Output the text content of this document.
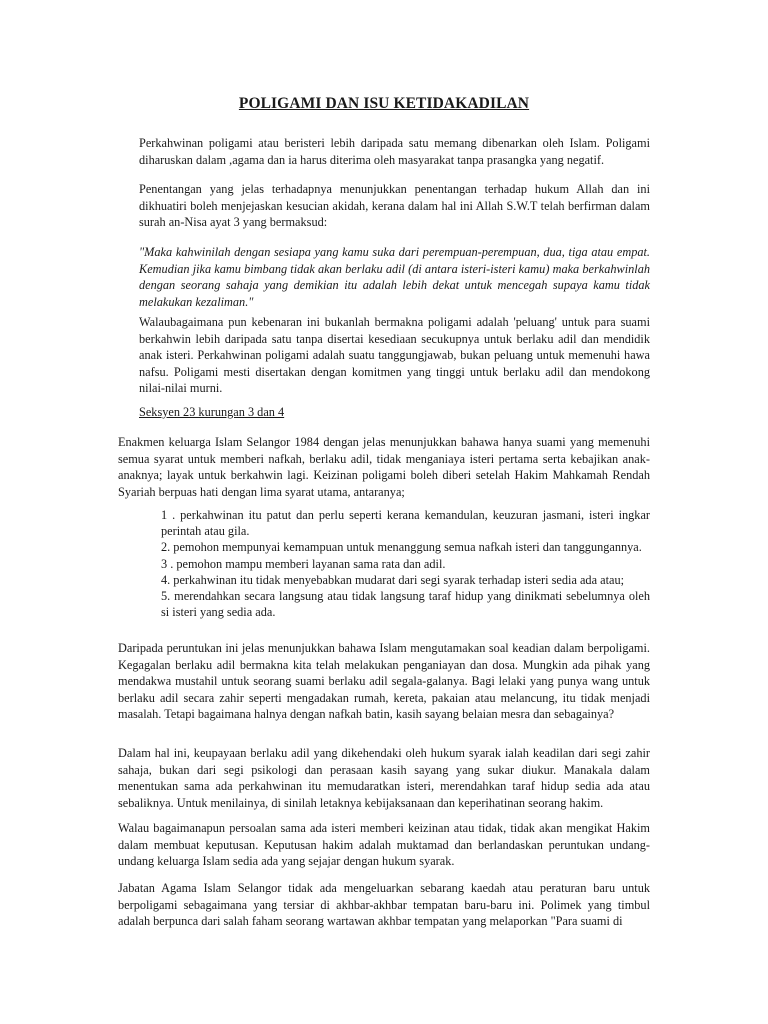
POLIGAMI DAN ISU KETIDAKADILAN
Perkahwinan poligami atau beristeri lebih daripada satu memang dibenarkan oleh Islam. Poligami diharuskan dalam ,agama dan ia harus diterima oleh masyarakat tanpa prasangka yang negatif.
Penentangan yang jelas terhadapnya menunjukkan penentangan terhadap hukum Allah dan ini dikhuatiri boleh menjejaskan kesucian akidah, kerana dalam hal ini Allah S.W.T telah berfirman dalam surah an-Nisa ayat 3 yang bermaksud:
"Maka kahwinilah dengan sesiapa yang kamu suka dari perempuan-perempuan, dua, tiga atau empat. Kemudian jika kamu bimbang tidak akan berlaku adil (di antara isteri-isteri kamu) maka berkahwinlah dengan seorang sahaja yang demikian itu adalah lebih dekat untuk mencegah supaya kamu tidak melakukan kezaliman."
Walaubagaimana pun kebenaran ini bukanlah bermakna poligami adalah 'peluang' untuk para suami berkahwin lebih daripada satu tanpa disertai kesediaan secukupnya untuk berlaku adil dan mendidik anak isteri. Perkahwinan poligami adalah suatu tanggungjawab, bukan peluang untuk memenuhi hawa nafsu. Poligami mesti disertakan dengan komitmen yang tinggi untuk berlaku adil dan mendokong nilai-nilai murni.
Seksyen 23 kurungan 3 dan 4
Enakmen keluarga Islam Selangor 1984 dengan jelas menunjukkan bahawa hanya suami yang memenuhi semua syarat untuk memberi nafkah, berlaku adil, tidak menganiaya isteri pertama serta kebajikan anak-anaknya; layak untuk berkahwin lagi. Keizinan poligami boleh diberi setelah Hakim Mahkamah Rendah Syariah berpuas hati dengan lima syarat utama, antaranya;
1 . perkahwinan itu patut dan perlu seperti kerana kemandulan, keuzuran jasmani, isteri ingkar perintah atau gila.
2. pemohon mempunyai kemampuan untuk menanggung semua nafkah isteri dan tanggungannya.
3 . pemohon mampu memberi layanan sama rata dan adil.
4. perkahwinan itu tidak menyebabkan mudarat dari segi syarak terhadap isteri sedia ada atau;
5. merendahkan secara langsung atau tidak langsung taraf hidup yang dinikmati sebelumnya oleh si isteri yang sedia ada.
Daripada peruntukan ini jelas menunjukkan bahawa Islam mengutamakan soal keadian dalam berpoligami. Kegagalan berlaku adil bermakna kita telah melakukan penganiayan dan dosa. Mungkin ada pihak yang mendakwa mustahil untuk seorang suami berlaku adil segala-galanya. Bagi lelaki yang punya wang untuk berlaku adil secara zahir seperti mengadakan rumah, kereta, pakaian atau melancung, itu tidak menjadi masalah. Tetapi bagaimana halnya dengan nafkah batin, kasih sayang belaian mesra dan sebagainya?
Dalam hal ini, keupayaan berlaku adil yang dikehendaki oleh hukum syarak ialah keadilan dari segi zahir sahaja, bukan dari segi psikologi dan perasaan kasih sayang yang sukar diukur. Manakala dalam menentukan sama ada perkahwinan itu memudaratkan isteri, merendahkan taraf hidup sedia ada atau sebaliknya. Untuk menilainya, di sinilah letaknya kebijaksanaan dan keperihatinan seorang hakim.
Walau bagaimanapun persoalan sama ada isteri memberi keizinan atau tidak, tidak akan mengikat Hakim dalam membuat keputusan. Keputusan hakim adalah muktamad dan berlandaskan peruntukan undang-undang keluarga Islam sedia ada yang sejajar dengan hukum syarak.
Jabatan Agama Islam Selangor tidak ada mengeluarkan sebarang kaedah atau peraturan baru untuk berpoligami sebagaimana yang tersiar di akhbar-akhbar tempatan baru-baru ini. Polimek yang timbul adalah berpunca dari salah faham seorang wartawan akhbar tempatan yang melaporkan "Para suami di
